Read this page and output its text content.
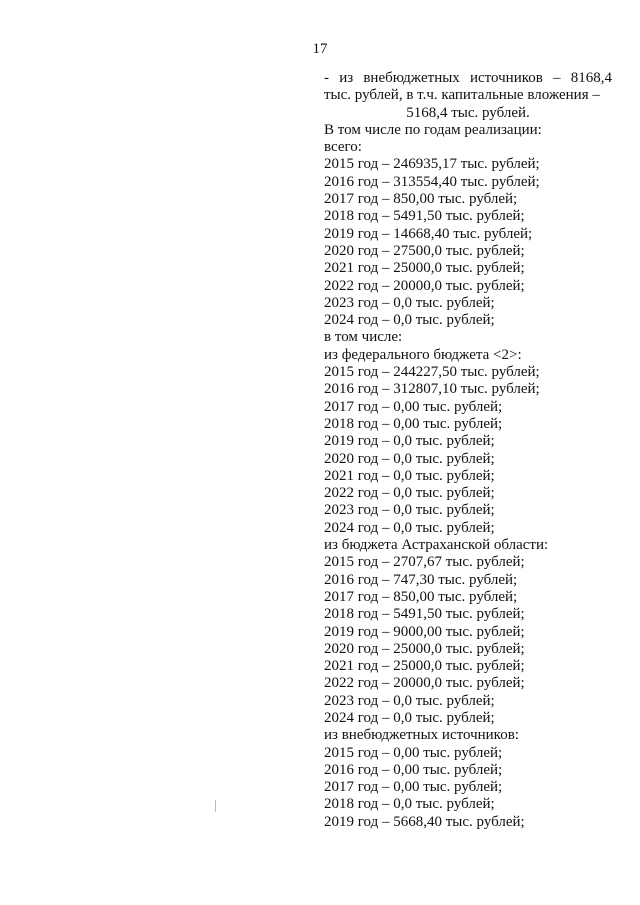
17
- из внебюджетных источников – 8168,4
тыс. рублей, в т.ч. капитальные вложения –
5168,4 тыс. рублей.
В том числе по годам реализации:
всего:
2015 год – 246935,17 тыс. рублей;
2016 год – 313554,40 тыс. рублей;
2017 год – 850,00 тыс. рублей;
2018 год – 5491,50 тыс. рублей;
2019 год – 14668,40 тыс. рублей;
2020 год – 27500,0 тыс. рублей;
2021 год – 25000,0 тыс. рублей;
2022 год – 20000,0 тыс. рублей;
2023 год – 0,0 тыс. рублей;
2024 год – 0,0 тыс. рублей;
в том числе:
из федерального бюджета <2>:
2015 год – 244227,50 тыс. рублей;
2016 год – 312807,10 тыс. рублей;
2017 год – 0,00 тыс. рублей;
2018 год – 0,00 тыс. рублей;
2019 год – 0,0 тыс. рублей;
2020 год – 0,0 тыс. рублей;
2021 год – 0,0 тыс. рублей;
2022 год – 0,0 тыс. рублей;
2023 год – 0,0 тыс. рублей;
2024 год – 0,0 тыс. рублей;
из бюджета Астраханской области:
2015 год – 2707,67 тыс. рублей;
2016 год – 747,30 тыс. рублей;
2017 год – 850,00 тыс. рублей;
2018 год – 5491,50 тыс. рублей;
2019 год – 9000,00 тыс. рублей;
2020 год – 25000,0 тыс. рублей;
2021 год – 25000,0 тыс. рублей;
2022 год – 20000,0 тыс. рублей;
2023 год – 0,0 тыс. рублей;
2024 год – 0,0 тыс. рублей;
из внебюджетных источников:
2015 год – 0,00 тыс. рублей;
2016 год – 0,00 тыс. рублей;
2017 год – 0,00 тыс. рублей;
2018 год – 0,0 тыс. рублей;
2019 год – 5668,40 тыс. рублей;
